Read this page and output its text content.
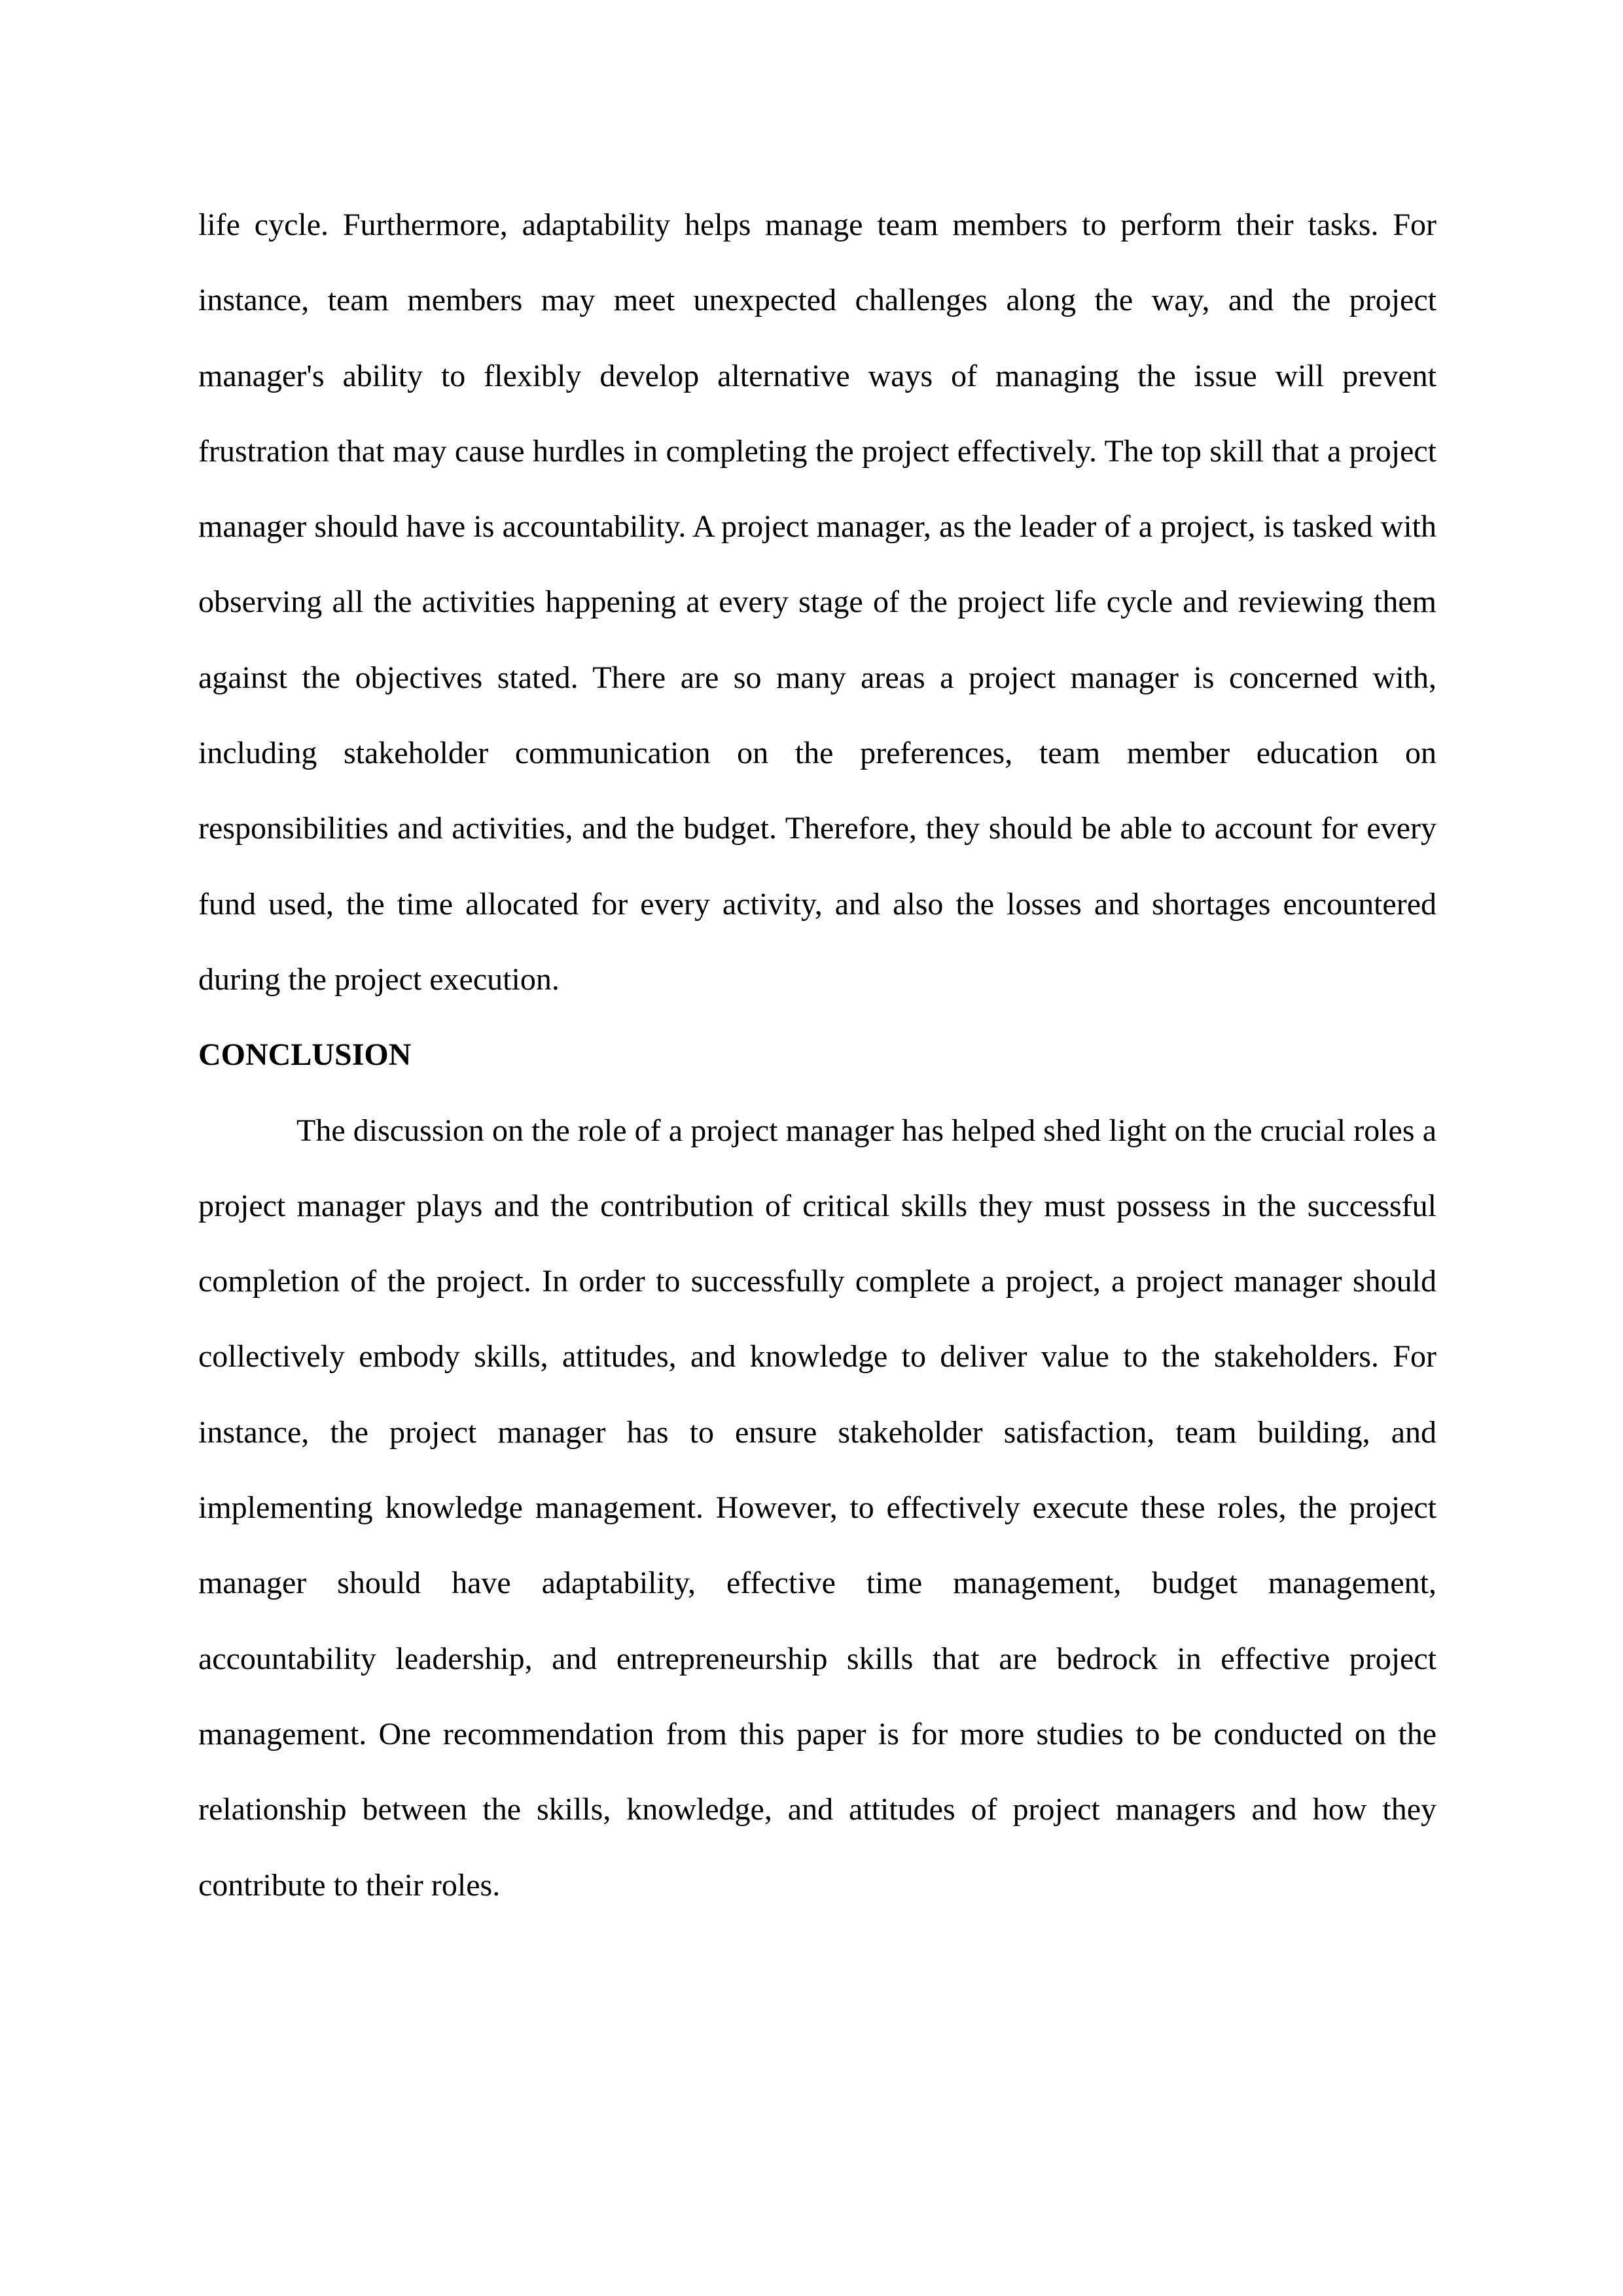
life cycle. Furthermore, adaptability helps manage team members to perform their tasks. For instance, team members may meet unexpected challenges along the way, and the project manager's ability to flexibly develop alternative ways of managing the issue will prevent frustration that may cause hurdles in completing the project effectively. The top skill that a project manager should have is accountability. A project manager, as the leader of a project, is tasked with observing all the activities happening at every stage of the project life cycle and reviewing them against the objectives stated. There are so many areas a project manager is concerned with, including stakeholder communication on the preferences, team member education on responsibilities and activities, and the budget. Therefore, they should be able to account for every fund used, the time allocated for every activity, and also the losses and shortages encountered during the project execution.

CONCLUSION

The discussion on the role of a project manager has helped shed light on the crucial roles a project manager plays and the contribution of critical skills they must possess in the successful completion of the project. In order to successfully complete a project, a project manager should collectively embody skills, attitudes, and knowledge to deliver value to the stakeholders. For instance, the project manager has to ensure stakeholder satisfaction, team building, and implementing knowledge management. However, to effectively execute these roles, the project manager should have adaptability, effective time management, budget management, accountability leadership, and entrepreneurship skills that are bedrock in effective project management. One recommendation from this paper is for more studies to be conducted on the relationship between the skills, knowledge, and attitudes of project managers and how they contribute to their roles.
